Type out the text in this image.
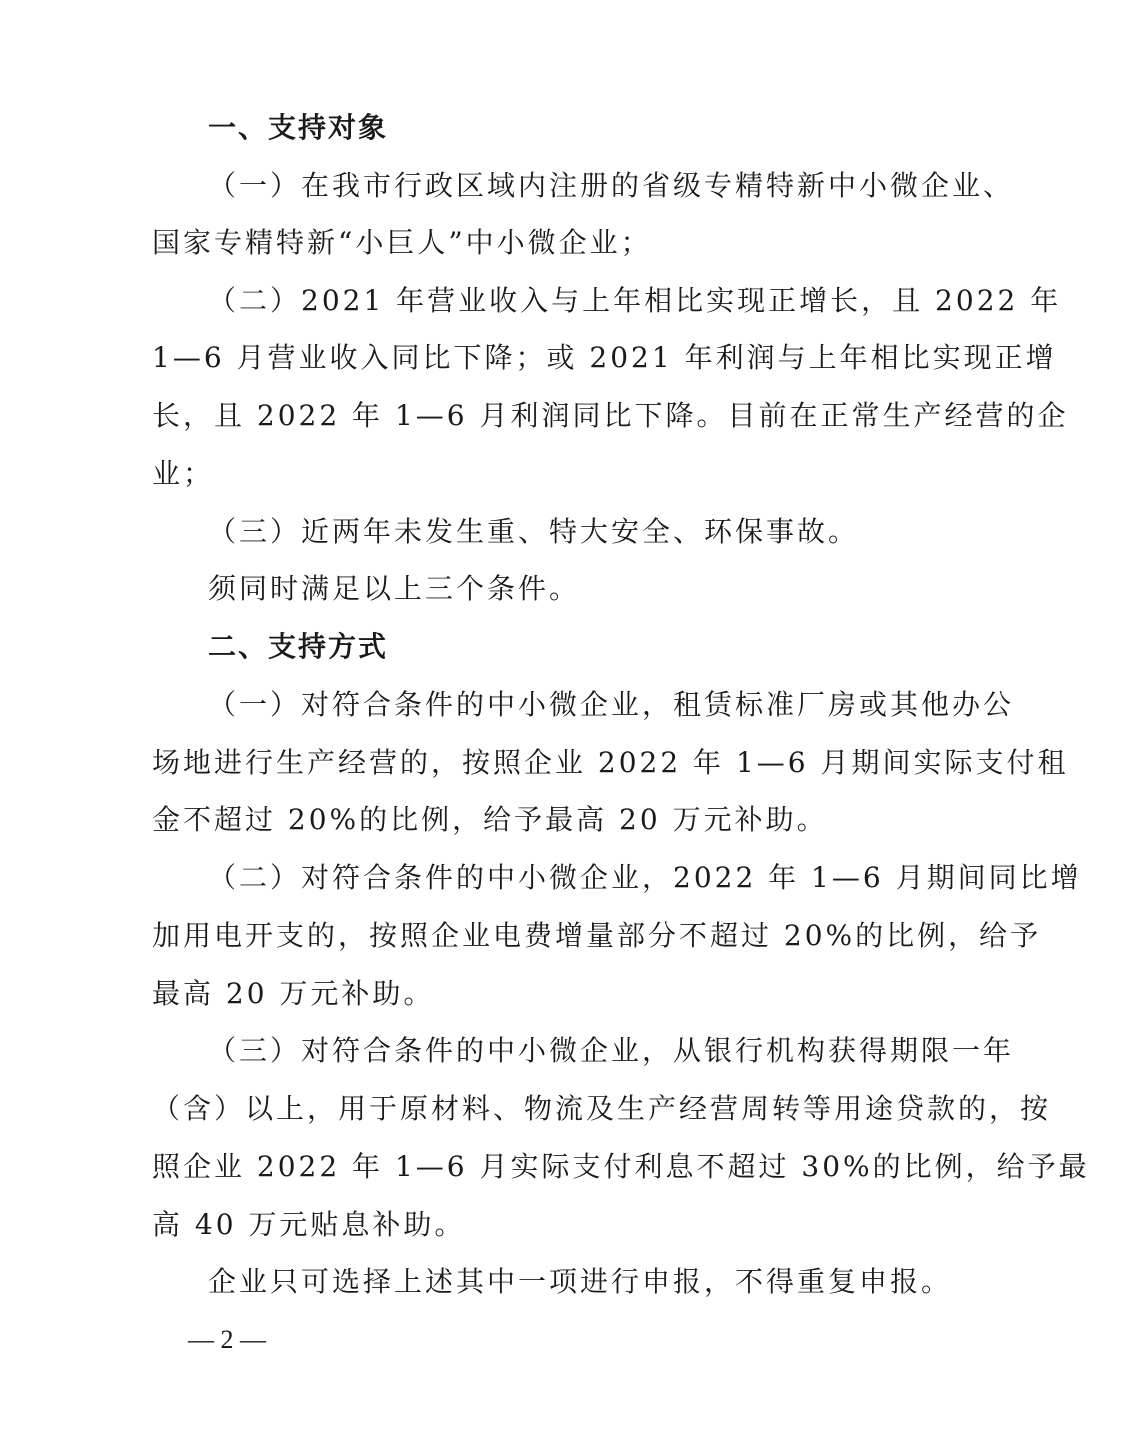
一、支持对象
（一）在我市行政区域内注册的省级专精特新中小微企业、
国家专精特新“小巨人”中小微企业；
（二）2021 年营业收入与上年相比实现正增长，且 2022 年
1—6 月营业收入同比下降；或 2021 年利润与上年相比实现正增
长，且 2022 年 1—6 月利润同比下降。目前在正常生产经营的企
业；
（三）近两年未发生重、特大安全、环保事故。
须同时满足以上三个条件。
二、支持方式
（一）对符合条件的中小微企业，租赁标准厂房或其他办公
场地进行生产经营的，按照企业 2022 年 1—6 月期间实际支付租
金不超过 20%的比例，给予最高 20 万元补助。
（二）对符合条件的中小微企业，2022 年 1—6 月期间同比增
加用电开支的，按照企业电费增量部分不超过 20%的比例，给予
最高 20 万元补助。
（三）对符合条件的中小微企业，从银行机构获得期限一年
（含）以上，用于原材料、物流及生产经营周转等用途贷款的，按
照企业 2022 年 1—6 月实际支付利息不超过 30%的比例，给予最
高 40 万元贴息补助。
企业只可选择上述其中一项进行申报，不得重复申报。
— 2 —
